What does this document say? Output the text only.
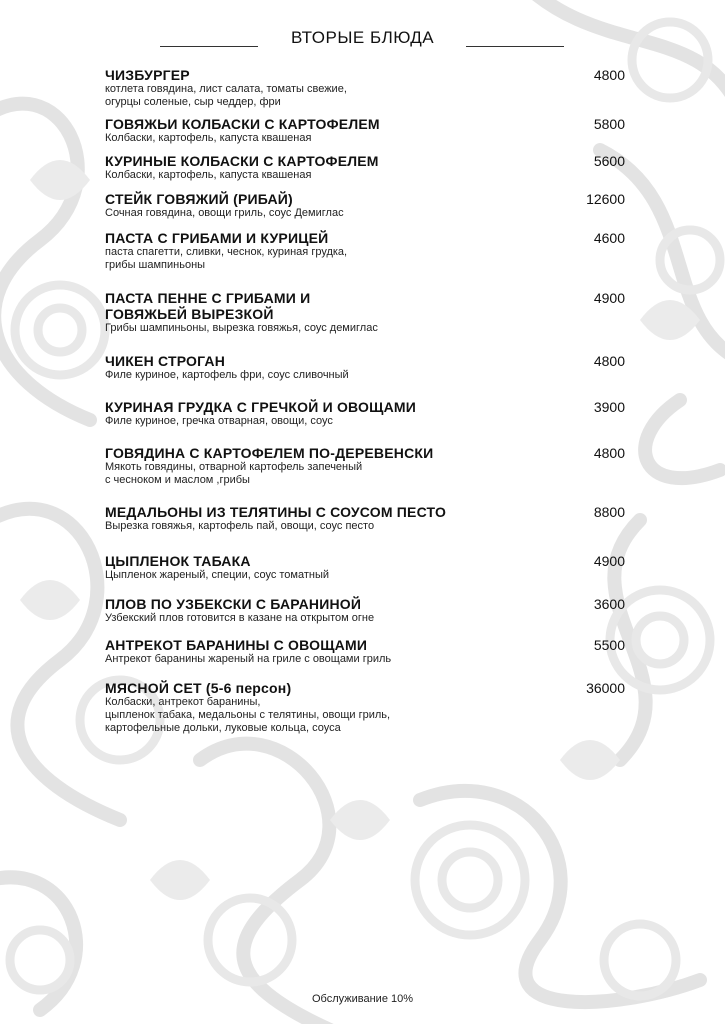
ВТОРЫЕ БЛЮДА
ЧИЗБУРГЕР
котлета говядина, лист салата, томаты свежие,
огурцы соленые, сыр чеддер, фри
4800
ГОВЯЖЬИ КОЛБАСКИ С КАРТОФЕЛЕМ
Колбаски, картофель, капуста квашеная
5800
КУРИНЫЕ КОЛБАСКИ С КАРТОФЕЛЕМ
Колбаски, картофель, капуста квашеная
5600
СТЕЙК ГОВЯЖИЙ (РИБАЙ)
Сочная говядина, овощи гриль, соус Демиглас
12600
ПАСТА С ГРИБАМИ И КУРИЦЕЙ
паста спагетти, сливки, чеснок, куриная грудка,
грибы шампиньоны
4600
ПАСТА ПЕННЕ С ГРИБАМИ И
ГОВЯЖЬЕЙ ВЫРЕЗКОЙ
Грибы шампиньоны, вырезка говяжья, соус демиглас
4900
ЧИКЕН СТРОГАН
Филе куриное, картофель фри, соус сливочный
4800
КУРИНАЯ ГРУДКА С ГРЕЧКОЙ И ОВОЩАМИ
Филе куриное, гречка отварная, овощи, соус
3900
ГОВЯДИНА С КАРТОФЕЛЕМ ПО-ДЕРЕВЕНСКИ
Мякоть говядины, отварной картофель запеченый
с чесноком и маслом ,грибы
4800
МЕДАЛЬОНЫ ИЗ ТЕЛЯТИНЫ С СОУСОМ ПЕСТО
Вырезка говяжья, картофель пай, овощи, соус песто
8800
ЦЫПЛЕНОК ТАБАКА
Цыпленок жареный, специи, соус томатный
4900
ПЛОВ ПО УЗБЕКСКИ С БАРАНИНОЙ
Узбекский плов готовится в казане на открытом огне
3600
АНТРЕКОТ БАРАНИНЫ С ОВОЩАМИ
Антрекот баранины жареный на гриле с овощами гриль
5500
МЯСНОЙ СЕТ (5-6 персон)
Колбаски, антрекот баранины,
цыпленок табака, медальоны с телятины, овощи гриль,
картофельные дольки, луковые кольца, соуса
36000
Обслуживание 10%
